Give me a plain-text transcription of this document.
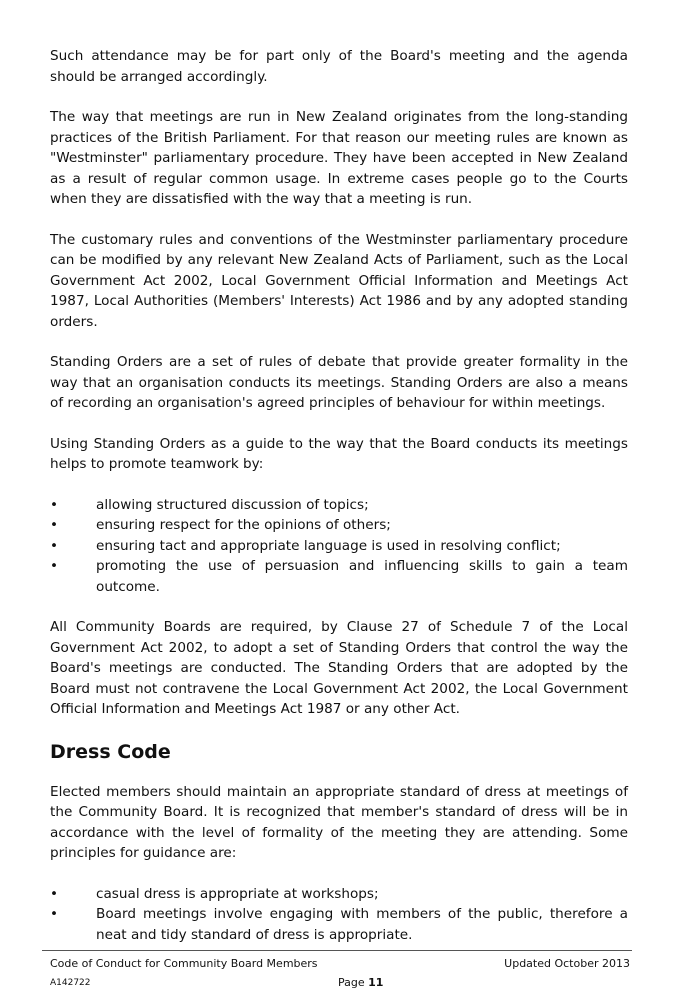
Such attendance may be for part only of the Board's meeting and the agenda should be arranged accordingly.

The way that meetings are run in New Zealand originates from the long-standing practices of the British Parliament. For that reason our meeting rules are known as "Westminster" parliamentary procedure. They have been accepted in New Zealand as a result of regular common usage. In extreme cases people go to the Courts when they are dissatisfied with the way that a meeting is run.

The customary rules and conventions of the Westminster parliamentary procedure can be modified by any relevant New Zealand Acts of Parliament, such as the Local Government Act 2002, Local Government Official Information and Meetings Act 1987, Local Authorities (Members' Interests) Act 1986 and by any adopted standing orders.

Standing Orders are a set of rules of debate that provide greater formality in the way that an organisation conducts its meetings. Standing Orders are also a means of recording an organisation's agreed principles of behaviour for within meetings.

Using Standing Orders as a guide to the way that the Board conducts its meetings helps to promote teamwork by:

•	allowing structured discussion of topics;
•	ensuring respect for the opinions of others;
•	ensuring tact and appropriate language is used in resolving conflict;
•	promoting the use of persuasion and influencing skills to gain a team outcome.

All Community Boards are required, by Clause 27 of Schedule 7 of the Local Government Act 2002, to adopt a set of Standing Orders that control the way the Board's meetings are conducted. The Standing Orders that are adopted by the Board must not contravene the Local Government Act 2002, the Local Government Official Information and Meetings Act 1987 or any other Act.

Dress Code

Elected members should maintain an appropriate standard of dress at meetings of the Community Board. It is recognized that member's standard of dress will be in accordance with the level of formality of the meeting they are attending. Some principles for guidance are:

•	casual dress is appropriate at workshops;
•	Board meetings involve engaging with members of the public, therefore a neat and tidy standard of dress is appropriate.
Code of Conduct for Community Board Members	Updated October 2013
A142722	Page 11
